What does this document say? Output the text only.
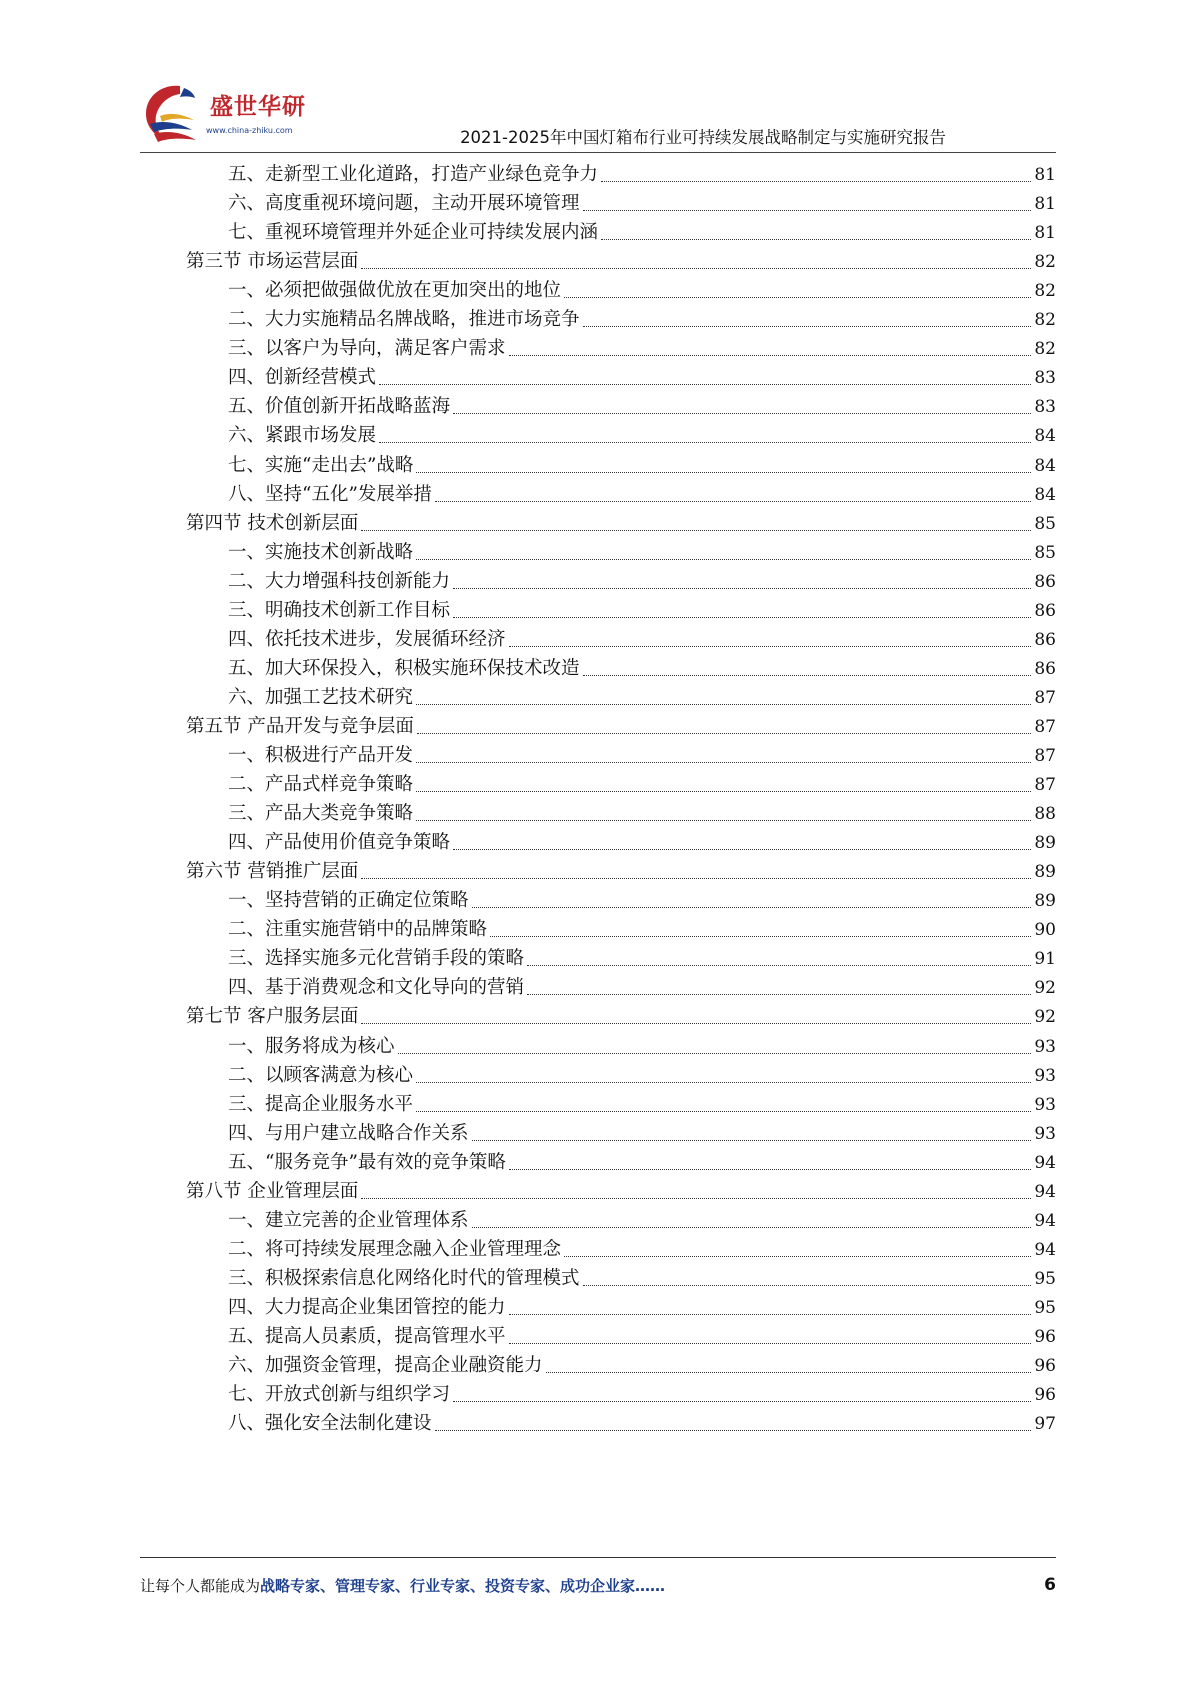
盛世华研
www.china-zhiku.com	2021-2025年中国灯箱布行业可持续发展战略制定与实施研究报告
五、走新型工业化道路，打造产业绿色竞争力	81
六、高度重视环境问题，主动开展环境管理	81
七、重视环境管理并外延企业可持续发展内涵	81
第三节 市场运营层面	82
一、必须把做强做优放在更加突出的地位	82
二、大力实施精品名牌战略，推进市场竞争	82
三、以客户为导向，满足客户需求	82
四、创新经营模式	83
五、价值创新开拓战略蓝海	83
六、紧跟市场发展	84
七、实施“走出去”战略	84
八、坚持“五化”发展举措	84
第四节 技术创新层面	85
一、实施技术创新战略	85
二、大力增强科技创新能力	86
三、明确技术创新工作目标	86
四、依托技术进步，发展循环经济	86
五、加大环保投入，积极实施环保技术改造	86
六、加强工艺技术研究	87
第五节 产品开发与竞争层面	87
一、积极进行产品开发	87
二、产品式样竞争策略	87
三、产品大类竞争策略	88
四、产品使用价值竞争策略	89
第六节 营销推广层面	89
一、坚持营销的正确定位策略	89
二、注重实施营销中的品牌策略	90
三、选择实施多元化营销手段的策略	91
四、基于消费观念和文化导向的营销	92
第七节 客户服务层面	92
一、服务将成为核心	93
二、以顾客满意为核心	93
三、提高企业服务水平	93
四、与用户建立战略合作关系	93
五、“服务竞争”最有效的竞争策略	94
第八节 企业管理层面	94
一、建立完善的企业管理体系	94
二、将可持续发展理念融入企业管理理念	94
三、积极探索信息化网络化时代的管理模式	95
四、大力提高企业集团管控的能力	95
五、提高人员素质，提高管理水平	96
六、加强资金管理，提高企业融资能力	96
七、开放式创新与组织学习	96
八、强化安全法制化建设	97
让每个人都能成为战略专家、管理专家、行业专家、投资专家、成功企业家……	6
